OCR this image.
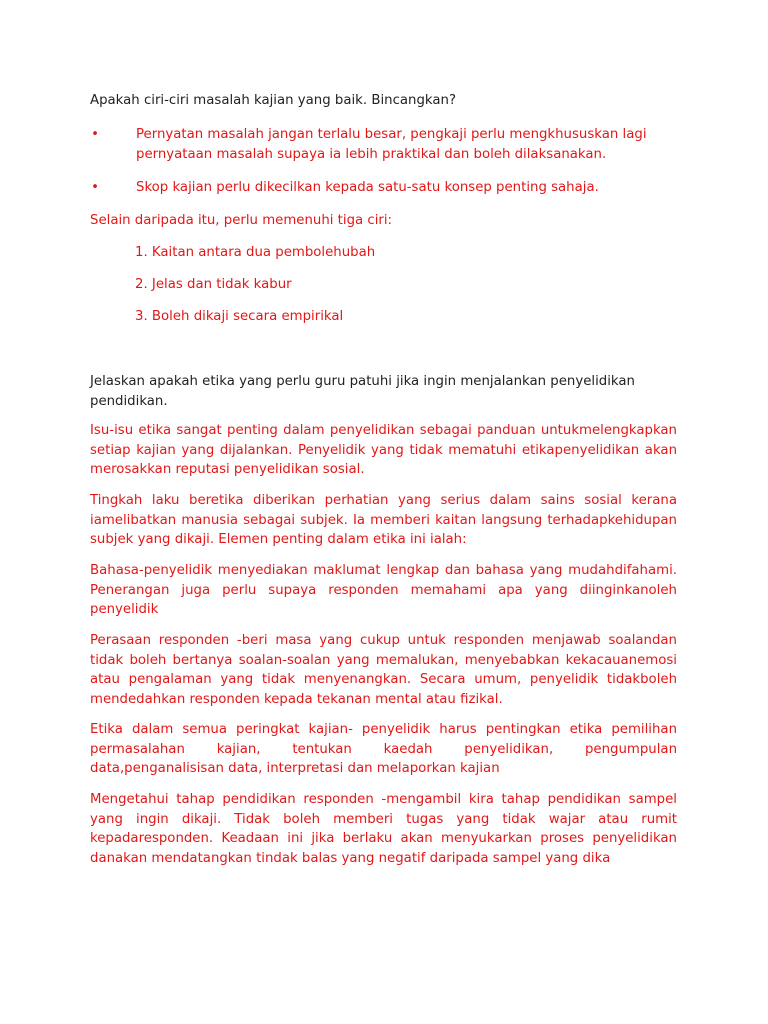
Apakah ciri-ciri masalah kajian yang baik. Bincangkan?

•	Pernyatan masalah jangan terlalu besar, pengkaji perlu mengkhususkan lagi pernyataan masalah supaya ia lebih praktikal dan boleh dilaksanakan.

•	Skop kajian perlu dikecilkan kepada satu-satu konsep penting sahaja.

Selain daripada itu, perlu memenuhi tiga ciri:

1. Kaitan antara dua pembolehubah

2. Jelas dan tidak kabur

3. Boleh dikaji secara empirikal

Jelaskan apakah etika yang perlu guru patuhi jika ingin menjalankan penyelidikan pendidikan.

Isu-isu etika sangat penting dalam penyelidikan sebagai panduan untukmelengkapkan setiap kajian yang dijalankan. Penyelidik yang tidak mematuhi etikapenyelidikan akan merosakkan reputasi penyelidikan sosial.

Tingkah laku beretika diberikan perhatian yang serius dalam sains sosial kerana iamelibatkan manusia sebagai subjek. Ia memberi kaitan langsung terhadapkehidupan subjek yang dikaji. Elemen penting dalam etika ini ialah:

Bahasa-penyelidik menyediakan maklumat lengkap dan bahasa yang mudahdifahami. Penerangan juga perlu supaya responden memahami apa yang diinginkanoleh penyelidik

Perasaan responden -beri masa yang cukup untuk responden menjawab soalandan tidak boleh bertanya soalan-soalan yang memalukan, menyebabkan kekacauanemosi atau pengalaman yang tidak menyenangkan. Secara umum, penyelidik tidakboleh mendedahkan responden kepada tekanan mental atau fizikal.

Etika dalam semua peringkat kajian- penyelidik harus pentingkan etika pemilihan permasalahan kajian, tentukan kaedah penyelidikan, pengumpulan data,penganalisisan data, interpretasi dan melaporkan kajian

Mengetahui tahap pendidikan responden -mengambil kira tahap pendidikan sampel yang ingin dikaji. Tidak boleh memberi tugas yang tidak wajar atau rumit kepadaresponden. Keadaan ini jika berlaku akan menyukarkan proses penyelidikan danakan mendatangkan tindak balas yang negatif daripada sampel yang dika
